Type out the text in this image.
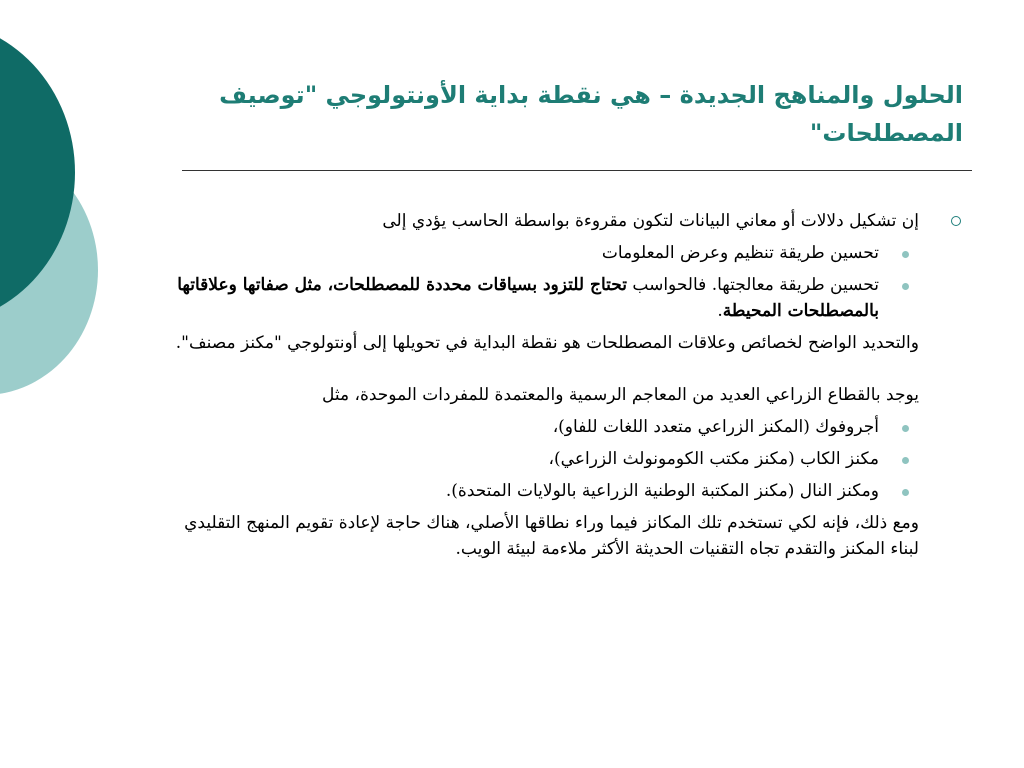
الحلول والمناهج الجديدة – هي نقطة بداية الأونتولوجي "توصيف المصطلحات"
إن تشكيل دلالات أو معاني البيانات لتكون مقروءة بواسطة الحاسب يؤدي إلى
تحسين طريقة تنظيم وعرض المعلومات
تحسين طريقة معالجتها. فالحواسب تحتاج للتزود بسياقات محددة للمصطلحات، مثل صفاتها وعلاقاتها بالمصطلحات المحيطة.
والتحديد الواضح لخصائص وعلاقات المصطلحات هو نقطة البداية في تحويلها إلى أونتولوجي "مكنز مصنف".
يوجد بالقطاع الزراعي العديد من المعاجم الرسمية والمعتمدة للمفردات الموحدة، مثل
أجروفوك (المكنز الزراعي متعدد اللغات للفاو)،
مكنز الكاب (مكنز مكتب الكومونولث الزراعي)،
ومكنز النال (مكنز المكتبة الوطنية الزراعية بالولايات المتحدة).
ومع ذلك، فإنه لكي تستخدم تلك المكانز فيما وراء نطاقها الأصلي، هناك حاجة لإعادة تقويم المنهج التقليدي لبناء المكنز والتقدم تجاه التقنيات الحديثة الأكثر ملاءمة لبيئة الويب.
